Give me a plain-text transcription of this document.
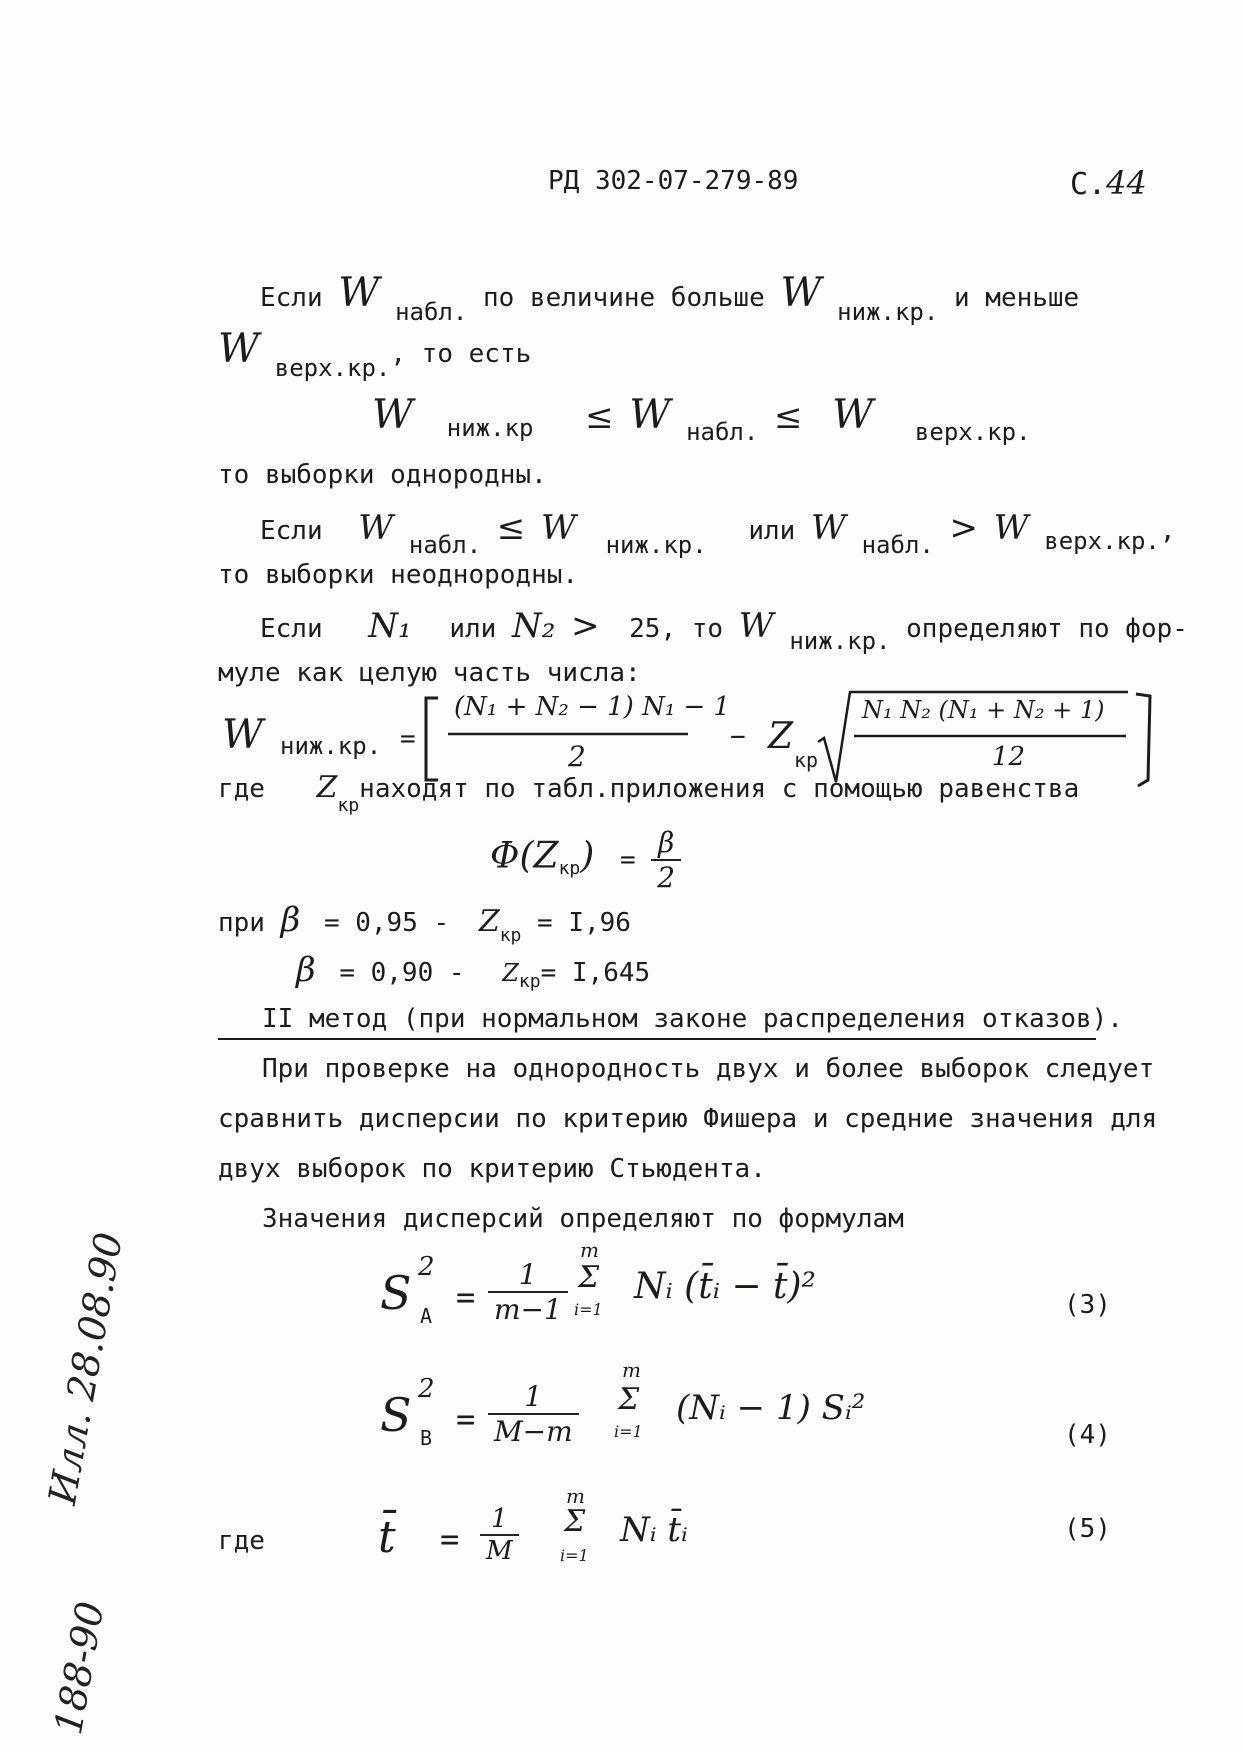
РД 302-07-279-89	С.44
Если W набл. по величине больше W ниж.кр. и меньше
W верх.кр., то есть
W ниж.кр ≤ W набл. ≤ W верх.кр.
то выборки однородны.
Если W набл. ≤ W ниж.кр. или W набл. > W верх.кр.,
то выборки неоднородны.
Если N₁ или N₂ > 25, то W ниж.кр. определяют по фор-
муле как целую часть числа:
W ниж.кр. =
(N₁ + N₂ − 1) N₁ − 1
2
− Z
кр
N₁ N₂ (N₁ + N₂ + 1)
12
где $Z_{кр}находят$ по табл.приложения с помощью равенства
$\Phi(Z_{кр}) = \frac{\beta}{2}$
при $\beta = 0,95 - Z_{кр} = I,96$
$\beta = 0,90 - Z_{кр}= I,645$
II метод (при нормальном законе распределения отказов).
При проверке на однородность двух и более выборок следует
сравнить дисперсии по критерию Фишера и средние значения для
двух выборок по критерию Стьюдента.
Значения дисперсий определяют по формулам
S 2
$A = \frac{1}{m-1}$
m
Σ
i=1
Nᵢ (t̄ᵢ − t̄)²	(3)
S 2
$B = \frac{1}{M-m}$
m
Σ
i=1
(Nᵢ − 1) Sᵢ²
(4)
где	t̄ = $\frac{1}{M}$
m
Σ
i=1
Nᵢ t̄ᵢ	(5)
Илл. 28.08.90
188-90
